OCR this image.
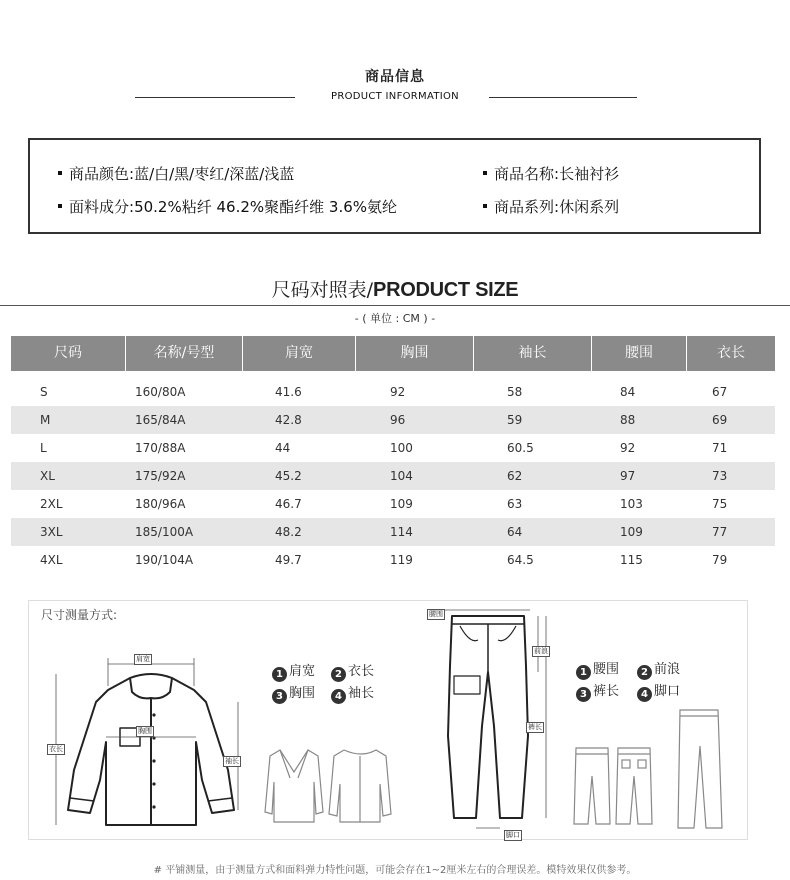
商品信息
PRODUCT INFORMATION
商品颜色:蓝/白/黑/枣红/深蓝/浅蓝	商品名称:长袖衬衫
面料成分:50.2%粘纤 46.2%聚酯纤维 3.6%氨纶	商品系列:休闲系列
尺码对照表/PRODUCT SIZE
- ( 单位 : CM ) -
尺码	名称/号型	肩宽	胸围	袖长	腰围	衣长
S	160/80A	41.6	92	58	84	67
M	165/84A	42.8	96	59	88	69
L	170/88A	44	100	60.5	92	71
XL	175/92A	45.2	104	62	97	73
2XL	180/96A	46.7	109	63	103	75
3XL	185/100A	48.2	114	64	109	77
4XL	190/104A	49.7	119	64.5	115	79
尺寸测量方式:
肩宽
胸围
衣长
袖长
1 肩宽	2 衣长
3 胸围	4 袖长
腰围
前浪
裤长
脚口
1 腰围	2 前浪
3 裤长	4 脚口
# 平铺测量，由于测量方式和面料弹力特性问题，可能会存在1~2厘米左右的合理误差。模特效果仅供参考。
